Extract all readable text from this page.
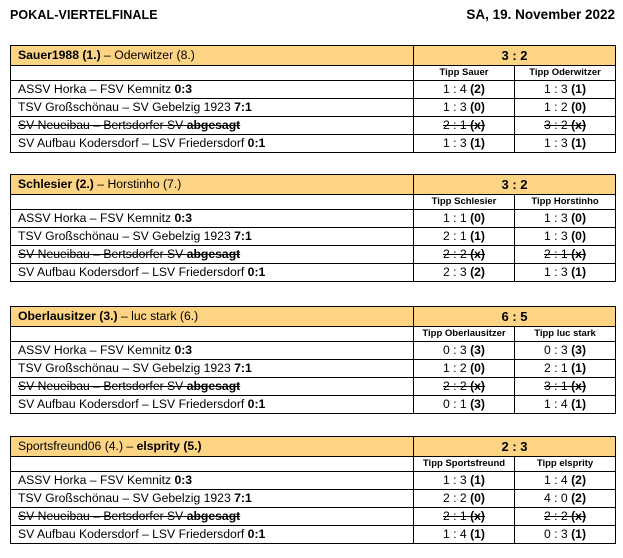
POKAL-VIERTELFINALE	SA, 19. November 2022
Sauer1988 (1.) – Oderwitzer (8.)	3 : 2	
	Tipp Sauer	Tipp Oderwitzer
ASSV Horka – FSV Kemnitz 0:3	1 : 4 (2)	1 : 3 (1)
TSV Großschönau – SV Gebelzig 1923 7:1	1 : 3 (0)	1 : 2 (0)
SV Neueibau – Bertsdorfer SV abgesagt	2 : 1 (x)	3 : 2 (x)
SV Aufbau Kodersdorf – LSV Friedersdorf 0:1	1 : 3 (1)	1 : 3 (1)
Schlesier (2.) – Horstinho (7.)	3 : 2	
	Tipp Schlesier	Tipp Horstinho
ASSV Horka – FSV Kemnitz 0:3	1 : 1 (0)	1 : 3 (0)
TSV Großschönau – SV Gebelzig 1923 7:1	2 : 1 (1)	1 : 3 (0)
SV Neueibau – Bertsdorfer SV abgesagt	2 : 2 (x)	2 : 1 (x)
SV Aufbau Kodersdorf – LSV Friedersdorf 0:1	2 : 3 (2)	1 : 3 (1)
Oberlausitzer (3.) – luc stark (6.)	6 : 5	
	Tipp Oberlausitzer	Tipp luc stark
ASSV Horka – FSV Kemnitz 0:3	0 : 3 (3)	0 : 3 (3)
TSV Großschönau – SV Gebelzig 1923 7:1	1 : 2 (0)	2 : 1 (1)
SV Neueibau – Bertsdorfer SV abgesagt	2 : 2 (x)	3 : 1 (x)
SV Aufbau Kodersdorf – LSV Friedersdorf 0:1	0 : 1 (3)	1 : 4 (1)
Sportsfreund06 (4.) – elsprity (5.)	2 : 3	
	Tipp Sportsfreund	Tipp elsprity
ASSV Horka – FSV Kemnitz 0:3	1 : 3 (1)	1 : 4 (2)
TSV Großschönau – SV Gebelzig 1923 7:1	2 : 2 (0)	4 : 0 (2)
SV Neueibau – Bertsdorfer SV abgesagt	2 : 1 (x)	2 : 2 (x)
SV Aufbau Kodersdorf – LSV Friedersdorf 0:1	1 : 4 (1)	0 : 3 (1)
